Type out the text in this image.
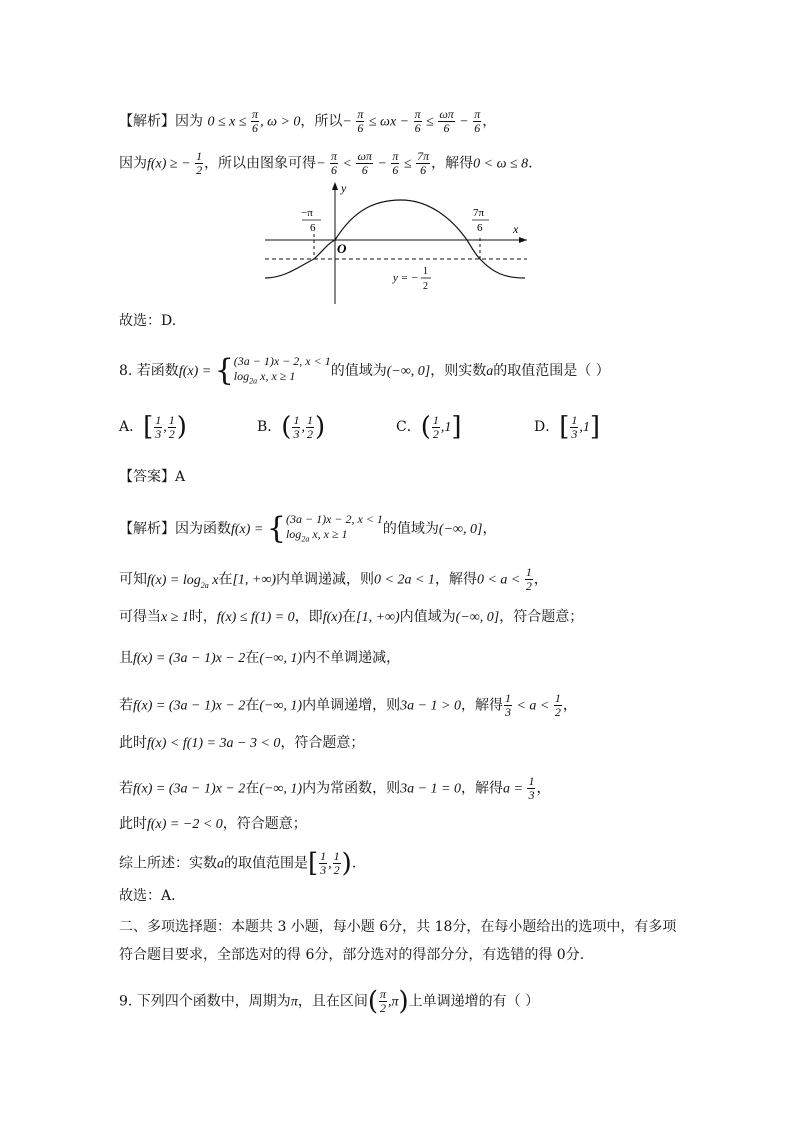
【解析】因为 $0 \le x \le \frac{\pi}{6}$ , ω > 0，所以− $\frac{\pi}{6} \le \omega x - \frac{\pi}{6} \le \frac{\omega\pi}{6} - \frac{\pi}{6}$ ，
因为f(x) ≥ − $\frac{1}{2}$ ，所以由图象可得− $\frac{\pi}{6} < \frac{\omega\pi}{6} - \frac{\pi}{6} \le \frac{7\pi}{6}$ ，解得0 < ω ≤ 8.
y
x
O
−π
6
7π
6
y = −
1
2
故选：D.
8. 若函数f(x) = { (3a − 1)x − 2, x < 1
$\log_{2a} x$, x ≥ 1	的值域为(−∞, 0]，则实数a的取值范围是（ ）
A．[ $\frac{1}{3}$ , $\frac{1}{2}$ )	B．( $\frac{1}{3}$ , $\frac{1}{2}$ )	C．( $\frac{1}{2} ,1$]	D．[ $\frac{1}{3} ,1$]
【答案】A
【解析】因为函数f(x) = { (3a − 1)x − 2, x < 1
$\log_{2a} x$, x ≥ 1	的值域为(−∞, 0]，
可知$f(x) = \log_{2a} x$在[1, +∞)内单调递减，则0 < 2a < 1，解得$0 < a < \frac{1}{2}$ ，
可得当x ≥ 1时，f(x) ≤ f(1) = 0，即f(x)在[1, +∞)内值域为(−∞, 0]，符合题意；
且f(x) = (3a − 1)x − 2在(−∞, 1)内不单调递减，
若f(x) = (3a − 1)x − 2在(−∞, 1)内单调递增，则3a − 1 > 0，解得 $\frac{1}{3} < a < \frac{1}{2}$ ，
此时f(x) < f(1) = 3a − 3 < 0，符合题意；
若f(x) = (3a − 1)x − 2在(−∞, 1)内为常函数，则3a − 1 = 0，解得$a = \frac{1}{3}$ ，
此时f(x) = −2 < 0，符合题意；
综上所述：实数a的取值范围是[ $\frac{1}{3}$ , $\frac{1}{2}$ ).
故选：A．
二、多项选择题：本题共 3 小题，每小题 6分，共 18分，在每小题给出的选项中，有多项
符合题目要求，全部选对的得 6分，部分选对的得部分分，有选错的得 0分.
9. 下列四个函数中，周期为π，且在区间( $\frac{\pi}{2} ,\pi$)上单调递增的有（ ）
